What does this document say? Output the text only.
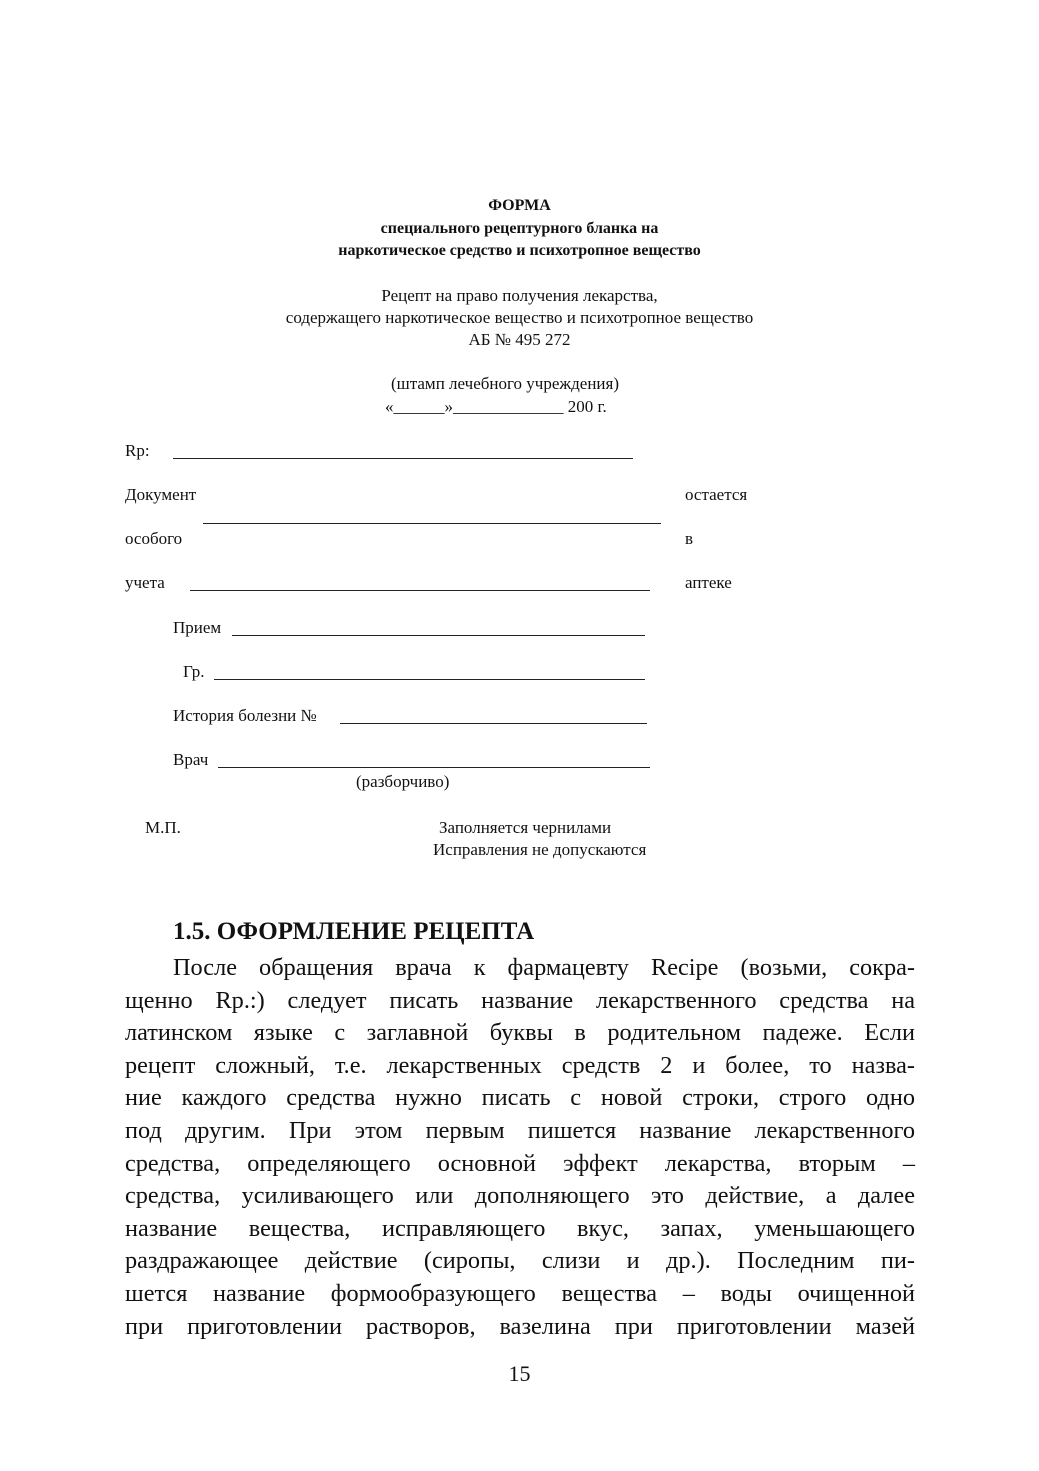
ФОРМА
специального рецептурного бланка на
наркотическое средство и психотропное вещество
Рецепт на право получения лекарства,
содержащего наркотическое вещество и психотропное вещество
АБ № 495 272
(штамп лечебного учреждения)
«______»_____________ 200 г.
Rp:
Документ	остается
особого	в
учета	аптеке
Прием
Гр.
История болезни №
Врач
(разборчиво)
М.П.	Заполняется чернилами
Исправления не допускаются
1.5. ОФОРМЛЕНИЕ РЕЦЕПТА
После обращения врача к фармацевту Recipe (возьми, сокра-
щенно Rp.:) следует писать название лекарственного средства на
латинском языке с заглавной буквы в родительном падеже. Если
рецепт сложный, т.е. лекарственных средств 2 и более, то назва-
ние каждого средства нужно писать с новой строки, строго одно
под другим. При этом первым пишется название лекарственного
средства, определяющего основной эффект лекарства, вторым –
средства, усиливающего или дополняющего это действие, а далее
название вещества, исправляющего вкус, запах, уменьшающего
раздражающее действие (сиропы, слизи и др.). Последним пи-
шется название формообразующего вещества – воды очищенной
при приготовлении растворов, вазелина при приготовлении мазей
15
